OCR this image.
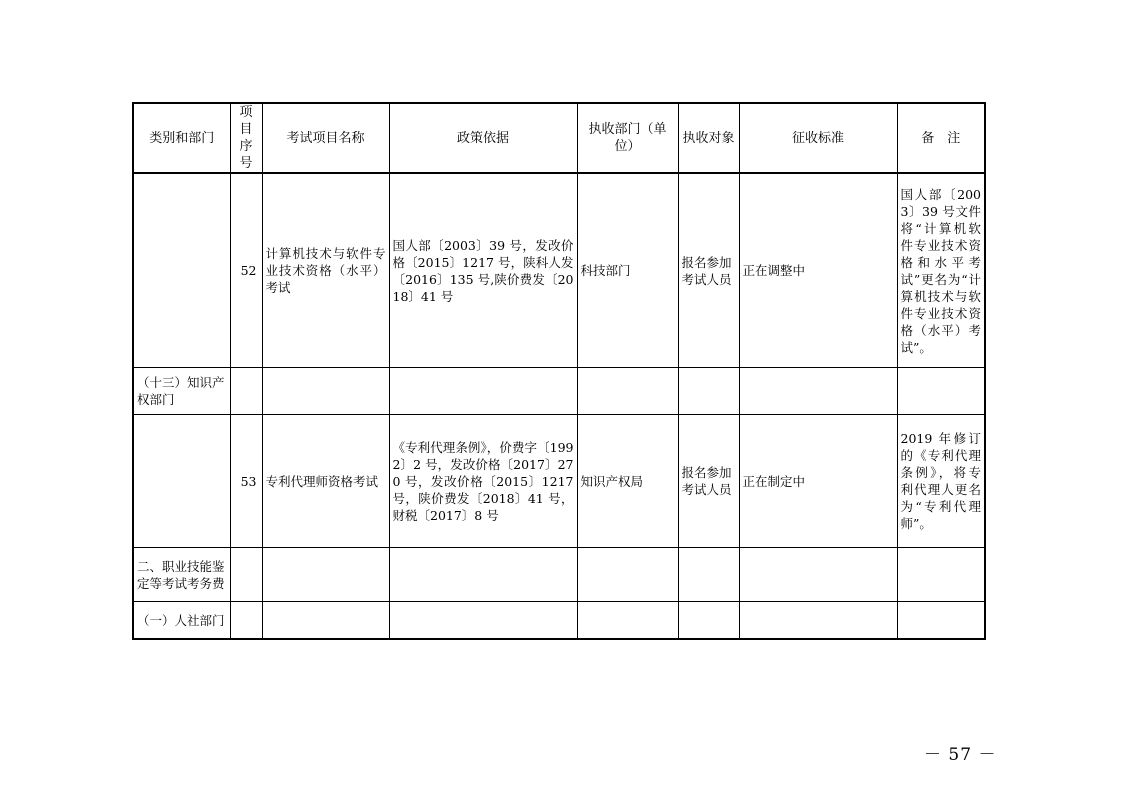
类别和部门	项目序号	考试项目名称	政策依据	执收部门（单位）	执收对象	征收标准	备　注
	52	计算机技术与软件专业技术资格（水平）考试	国人部〔2003〕39 号，发改价格〔2015〕1217 号，陕科人发〔2016〕135 号,陕价费发〔2018〕41 号	科技部门	报名参加考试人员	正在调整中	国人部〔2003〕39 号文件将“计算机软件专业技术资格和水平考试”更名为“计算机技术与软件专业技术资格（水平）考试”。
（十三）知识产权部门							
	53	专利代理师资格考试	《专利代理条例》，价费字〔1992〕2 号，发改价格〔2017〕270 号，发改价格〔2015〕1217 号，陕价费发〔2018〕41 号，财税〔2017〕8 号	知识产权局	报名参加考试人员	正在制定中	2019 年修订的《专利代理条例》，将专利代理人更名为“专利代理师”。
二、职业技能鉴定等考试考务费							
（一）人社部门							
－ 57 －
